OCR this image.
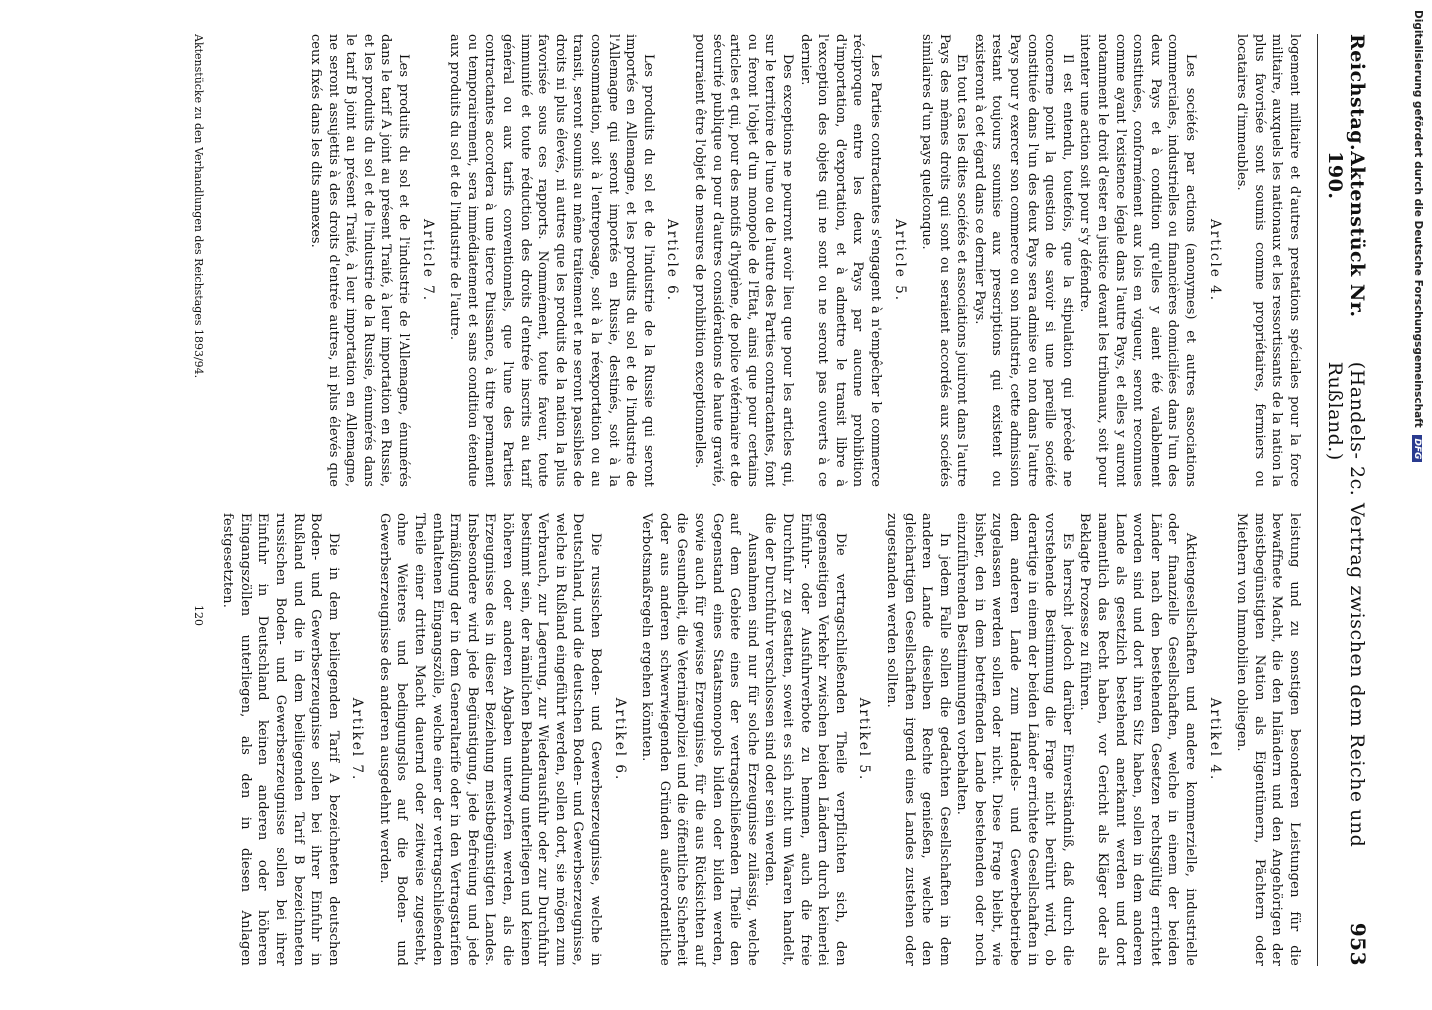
Reichstag.
Aktenstück Nr. 190.
(Handels- 2c. Vertrag zwischen dem Reiche und Rußland.)
953

logement militaire et d'autres prestations spéciales pour la force militaire, auxquels les nationaux et les ressortissants de la nation la plus favorisée sont soumis comme propriétaires, fermiers ou locataires d'immeubles.

Article 4.

Les sociétés par actions (anonymes) et autres associations commerciales, industrielles ou financières domiciliées dans l'un des deux Pays et à condition qu'elles y aient été valablement constituées, conformément aux lois en vigueur, seront reconnues comme ayant l'existence légale dans l'autre Pays, et elles y auront notamment le droit d'ester en justice devant les tribunaux, soit pour intenter une action soit pour s'y défendre.

Il est entendu, toutefois, que la stipulation qui précède ne concerne point la question de savoir si une pareille société constituée dans l'un des deux Pays sera admise ou non dans l'autre Pays pour y exercer son commerce ou son industrie, cette admission restant toujours soumise aux prescriptions qui existent ou existeront à cet égard dans ce dernier Pays.

En tout cas les dites sociétés et associations jouiront dans l'autre Pays des mêmes droits qui sont ou seraient accordés aux sociétés similaires d'un pays quelconque.

Article 5.

Les Parties contractantes s'engagent à n'empêcher le commerce réciproque entre les deux Pays par aucune prohibition d'importation, d'exportation, et à admettre le transit libre à l'exception des objets qui ne sont ou ne seront pas ouverts à ce dernier.

Des exceptions ne pourront avoir lieu que pour les articles qui, sur le territoire de l'une ou de l'autre des Parties contractantes, font ou feront l'objet d'un monopole de l'Etat, ainsi que pour certains articles et qui, pour des motifs d'hygiène, de police vétérinaire et de sécurité publique ou pour d'autres considérations de haute gravité, pourraient être l'objet de mesures de prohibition exceptionnelles.

Article 6.

Les produits du sol et de l'industrie de la Russie qui seront importés en Allemagne, et les produits du sol et de l'industrie de l'Allemagne qui seront importés en Russie, destinés, soit à la consommation, soit à l'entreposage, soit à la réexportation ou au transit, seront soumis au même traitement et ne seront passibles de droits ni plus élevés, ni autres que les produits de la nation la plus favorisée sous ces rapports. Nommément, toute faveur, toute immunité et toute réduction des droits d'entrée inscrits au tarif général ou aux tarifs conventionnels, que l'une des Parties contractantes accordera à une tierce Puissance, à titre permanent ou temporairement, sera immédiatement et sans condition étendue aux produits du sol et de l'industrie de l'autre.

Article 7.

Les produits du sol et de l'industrie de l'Allemagne, énumérés dans le tarif A joint au présent Traité, à leur importation en Russie, et les produits du sol et de l'industrie de la Russie, énumérés dans le tarif B joint au présent Traité, à leur importation en Allemagne, ne seront assujettis à des droits d'entrée autres, ni plus élevés que ceux fixés dans les dits annexes.

leistung und zu sonstigen besonderen Leistungen für die bewaffnete Macht, die den Inländern und den Angehörigen der meistbegünstigten Nation als Eigentümern, Pächtern oder Miethern von Immobilien obliegen.

Artikel 4.

Aktiengesellschaften und andere kommerzielle, industrielle oder finanzielle Gesellschaften, welche in einem der beiden Länder nach den bestehenden Gesetzen rechtsgültig errichtet worden sind und dort ihren Sitz haben, sollen in dem anderen Lande als gesetzlich bestehend anerkannt werden und dort namentlich das Recht haben, vor Gericht als Kläger oder als Beklagte Prozesse zu führen.

Es herrscht jedoch darüber Einverständniß, daß durch die vorstehende Bestimmung die Frage nicht berührt wird, ob derartige in einem der beiden Länder errichtete Gesellschaften in dem anderen Lande zum Handels- und Gewerbebetriebe zugelassen werden sollen oder nicht. Diese Frage bleibt, wie bisher, den in dem betreffenden Lande bestehenden oder noch einzuführenden Bestimmungen vorbehalten.

In jedem Falle sollen die gedachten Gesellschaften in dem anderen Lande dieselben Rechte genießen, welche den gleichartigen Gesellschaften irgend eines Landes zustehen oder zugestanden werden sollten.

Artikel 5.

Die vertragschließenden Theile verpflichten sich, den gegenseitigen Verkehr zwischen beiden Ländern durch keinerlei Einfuhr- oder Ausfuhrverbote zu hemmen, auch die freie Durchfuhr zu gestatten, soweit es sich nicht um Waaren handelt, die der Durchfuhr verschlossen sind oder sein werden.

Ausnahmen sind nur für solche Erzeugnisse zulässig, welche auf dem Gebiete eines der vertragschließenden Theile den Gegenstand eines Staatsmonopols bilden oder bilden werden, sowie auch für gewisse Erzeugnisse, für die aus Rücksichten auf die Gesundheit, die Veterinärpolizei und die öffentliche Sicherheit oder aus anderen schwerwiegenden Gründen außerordentliche Verbotsmaßregeln ergehen könnten.

Artikel 6.

Die russischen Boden- und Gewerbserzeugnisse, welche in Deutschland, und die deutschen Boden- und Gewerbserzeugnisse, welche in Rußland eingeführt werden, sollen dort, sie mögen zum Verbrauch, zur Lagerung, zur Wiederausfuhr oder zur Durchfuhr bestimmt sein, der nämlichen Behandlung unterliegen und keinen höheren oder anderen Abgaben unterworfen werden, als die Erzeugnisse des in dieser Beziehung meistbegünstigten Landes. Insbesondere wird jede Begünstigung, jede Befreiung und jede Ermäßigung der in dem Generaltarife oder in den Vertragstarifen enthaltenen Eingangszölle, welche einer der vertragschließenden Theile einer dritten Macht dauernd oder zeitweise zugesteht, ohne Weiteres und bedingungslos auf die Boden- und Gewerbserzeugnisse des anderen ausgedehnt werden.

Artikel 7.

Die in dem beiliegenden Tarif A bezeichneten deutschen Boden- und Gewerbserzeugnisse sollen bei ihrer Einfuhr in Rußland und die in dem beiliegenden Tarif B bezeichneten russischen Boden- und Gewerbserzeugnisse sollen bei ihrer Einfuhr in Deutschland keinen anderen oder höheren Eingangszöllen unterliegen, als den in diesen Anlagen festgesetzten.

Aktenstücke zu den Verhandlungen des Reichstages 1893/94.
120
Digitalisierung gefördert durch die Deutsche Forschungsgemeinschaft DFG
